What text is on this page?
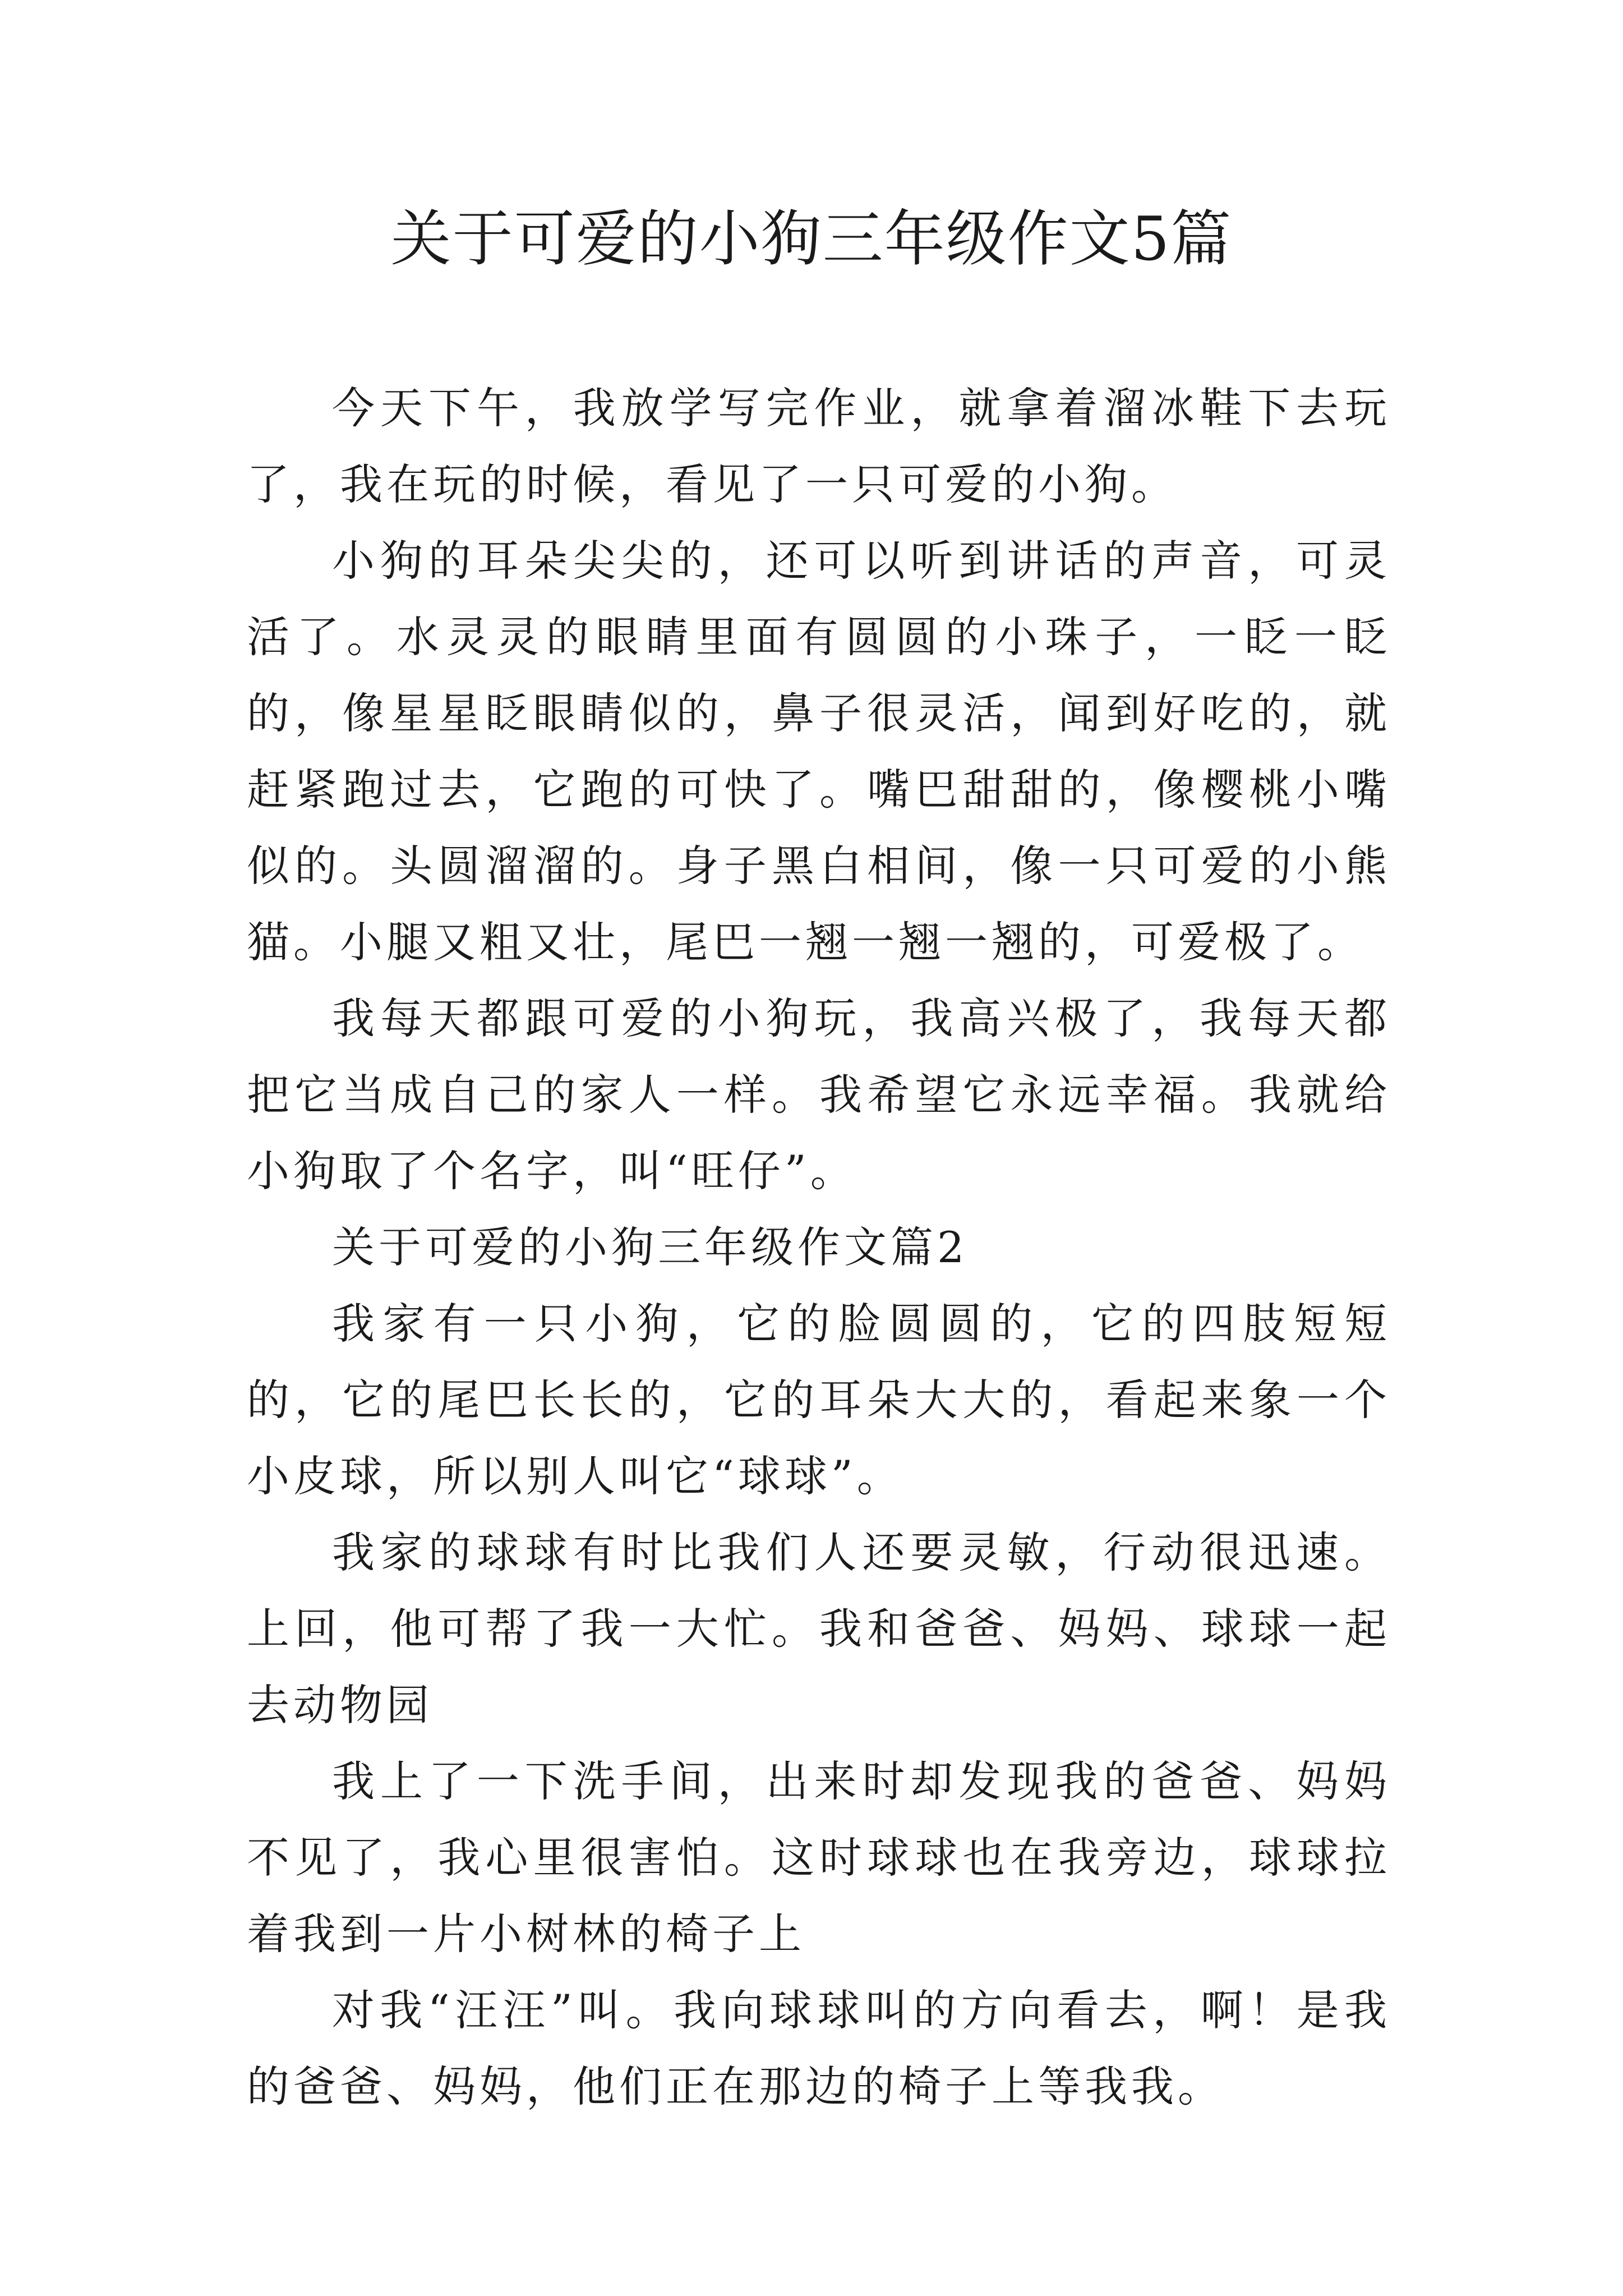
关于可爱的小狗三年级作文5篇

今天下午，我放学写完作业，就拿着溜冰鞋下去玩了，我在玩的时候，看见了一只可爱的小狗。

小狗的耳朵尖尖的，还可以听到讲话的声音，可灵活了。水灵灵的眼睛里面有圆圆的小珠子，一眨一眨的，像星星眨眼睛似的，鼻子很灵活，闻到好吃的，就赶紧跑过去，它跑的可快了。嘴巴甜甜的，像樱桃小嘴似的。头圆溜溜的。身子黑白相间，像一只可爱的小熊猫。小腿又粗又壮，尾巴一翘一翘一翘的，可爱极了。

我每天都跟可爱的小狗玩，我高兴极了，我每天都把它当成自己的家人一样。我希望它永远幸福。我就给小狗取了个名字，叫“旺仔”。

关于可爱的小狗三年级作文篇2

我家有一只小狗，它的脸圆圆的，它的四肢短短的，它的尾巴长长的，它的耳朵大大的，看起来象一个小皮球，所以别人叫它“球球”。

我家的球球有时比我们人还要灵敏，行动很迅速。上回，他可帮了我一大忙。我和爸爸、妈妈、球球一起去动物园

我上了一下洗手间，出来时却发现我的爸爸、妈妈不见了，我心里很害怕。这时球球也在我旁边，球球拉着我到一片小树林的椅子上

对我“汪汪”叫。我向球球叫的方向看去，啊！是我的爸爸、妈妈，他们正在那边的椅子上等我我。
